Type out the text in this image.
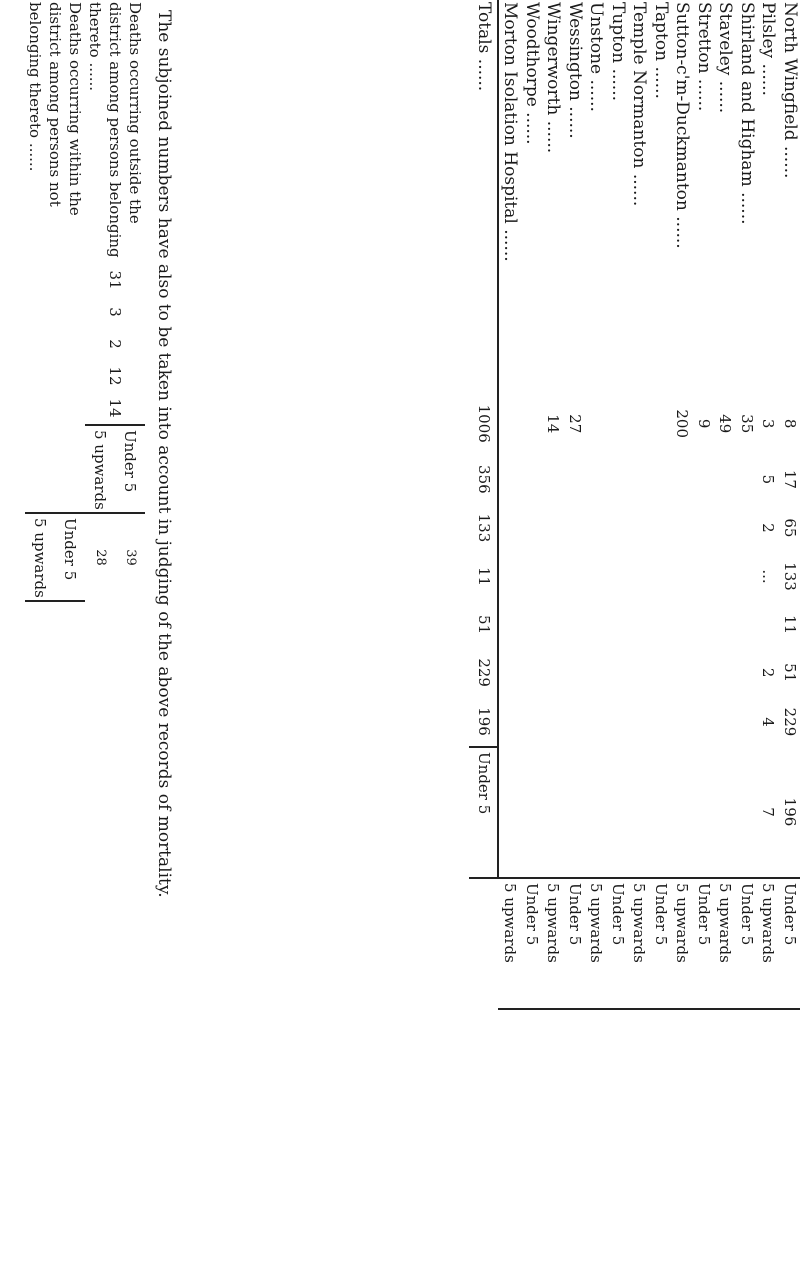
North Wingfield ......	8	17	65	133	11	51	229	196	Under 5
Pilsley ......	3	5	2	...		2	4	7	5 upwards
Shirland and Higham ......	35								Under 5
Staveley ......	49								5 upwards
Stretton ......	9								Under 5
Sutton-c'm-Duckmanton ......	200								5 upwards
Tapton ......									Under 5
Temple Normanton ......									5 upwards
Tupton ......									Under 5
Unstone ......									5 upwards
Wessington ......	27								Under 5
Wingerworth ......	14								5 upwards
Woodthorpe ......									Under 5
Morton Isolation Hospital ......									5 upwards
Totals ......	1006	356	133	11	51	229	196	Under 5	
The subjoined numbers have also to be taken into account in judging of the above records of mortality.
Deaths occurring outside the district among persons belonging thereto ......	31	3	2	12	14	Under 5	39	
						5 upwards	28	
Deaths occurring within the district among persons not belonging thereto ......							Under 5	
							5 upwards	
